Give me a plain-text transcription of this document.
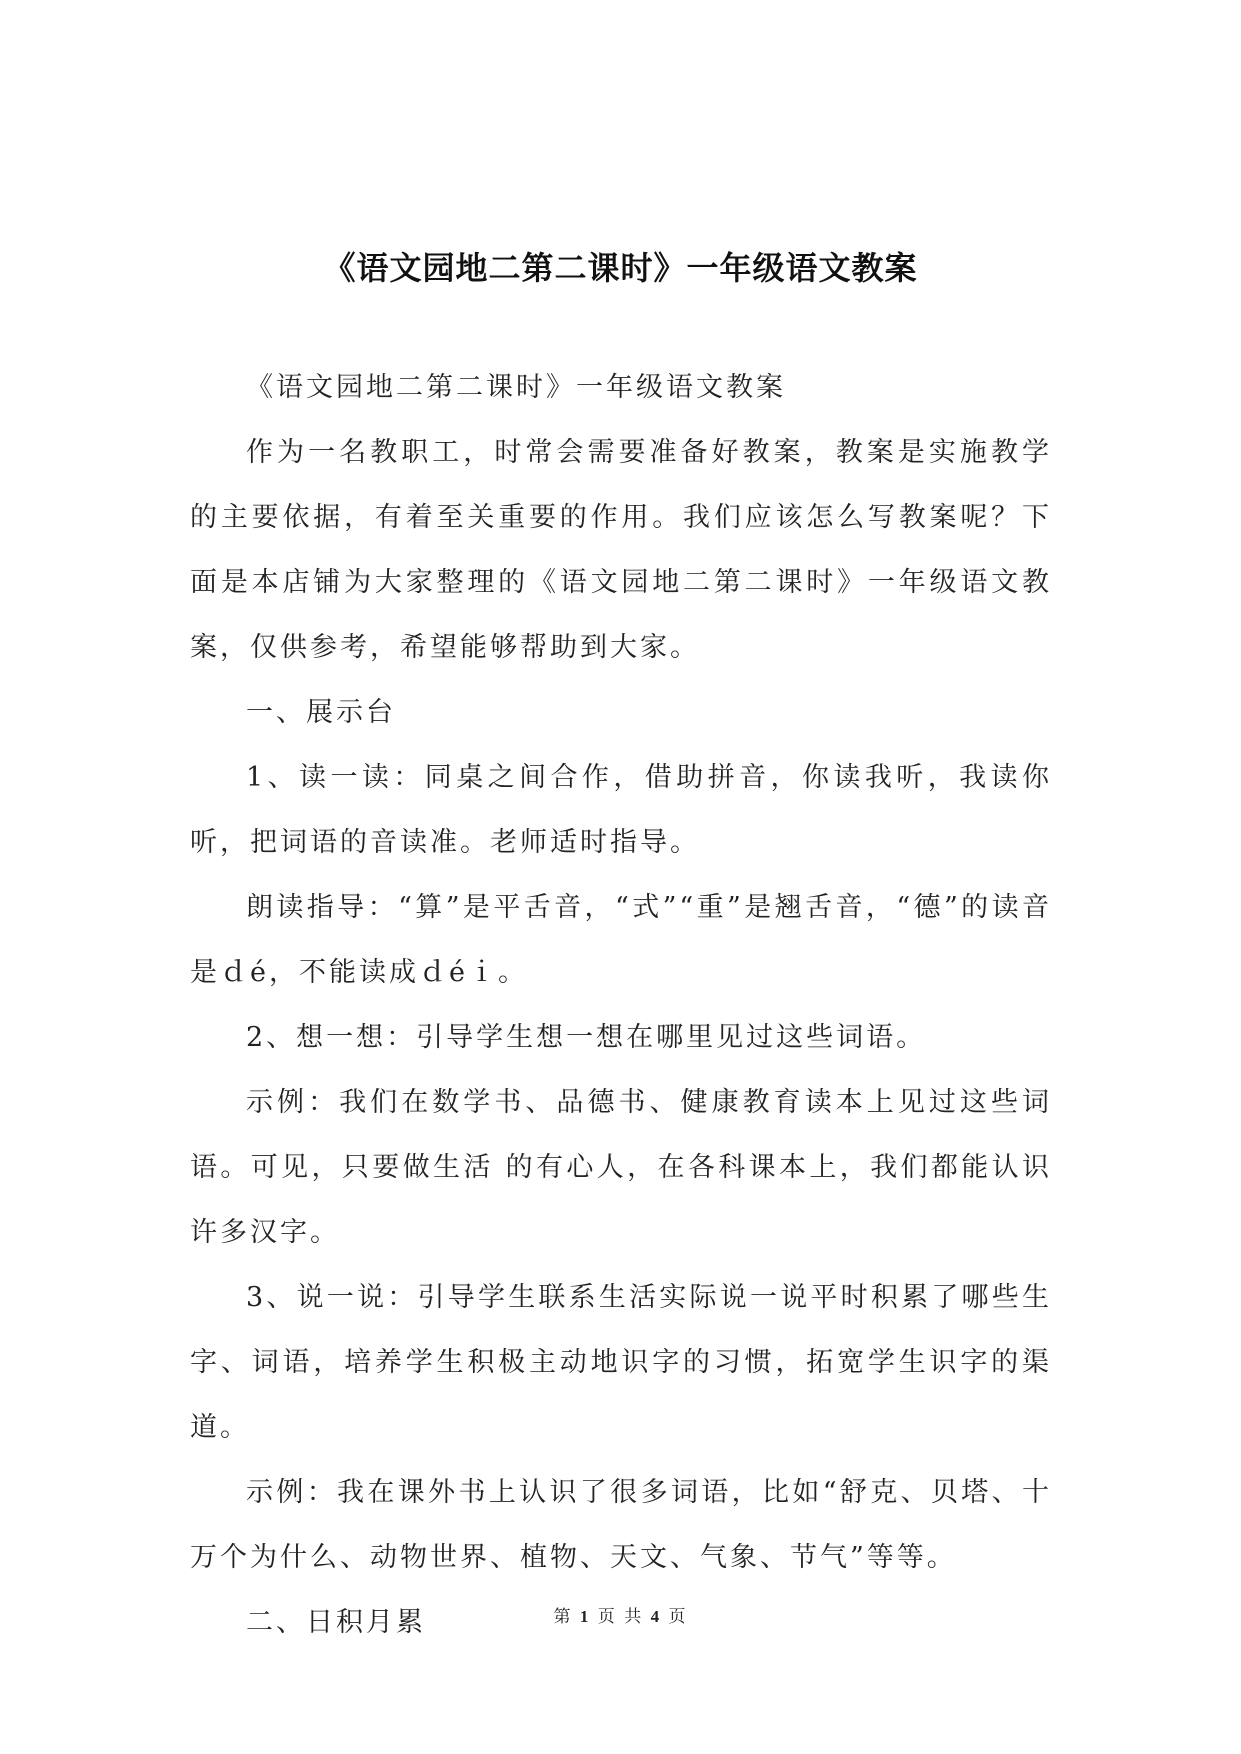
《语文园地二第二课时》一年级语文教案

《语文园地二第二课时》一年级语文教案

作为一名教职工，时常会需要准备好教案，教案是实施教学的主要依据，有着至关重要的作用。我们应该怎么写教案呢？下面是本店铺为大家整理的《语文园地二第二课时》一年级语文教案，仅供参考，希望能够帮助到大家。

一、展示台

1、读一读：同桌之间合作，借助拼音，你读我听，我读你听，把词语的音读准。老师适时指导。

朗读指导：“算”是平舌音，“式”“重”是翘舌音，“德”的读音是ｄé，不能读成ｄéｉ。

2、想一想：引导学生想一想在哪里见过这些词语。

示例：我们在数学书、品德书、健康教育读本上见过这些词语。可见，只要做生活 的有心人，在各科课本上，我们都能认识许多汉字。

3、说一说：引导学生联系生活实际说一说平时积累了哪些生字、词语，培养学生积极主动地识字的习惯，拓宽学生识字的渠道。

示例：我在课外书上认识了很多词语，比如“舒克、贝塔、十万个为什么、动物世界、植物、天文、气象、节气”等等。

二、日积月累	第 1 页 共 4 页
